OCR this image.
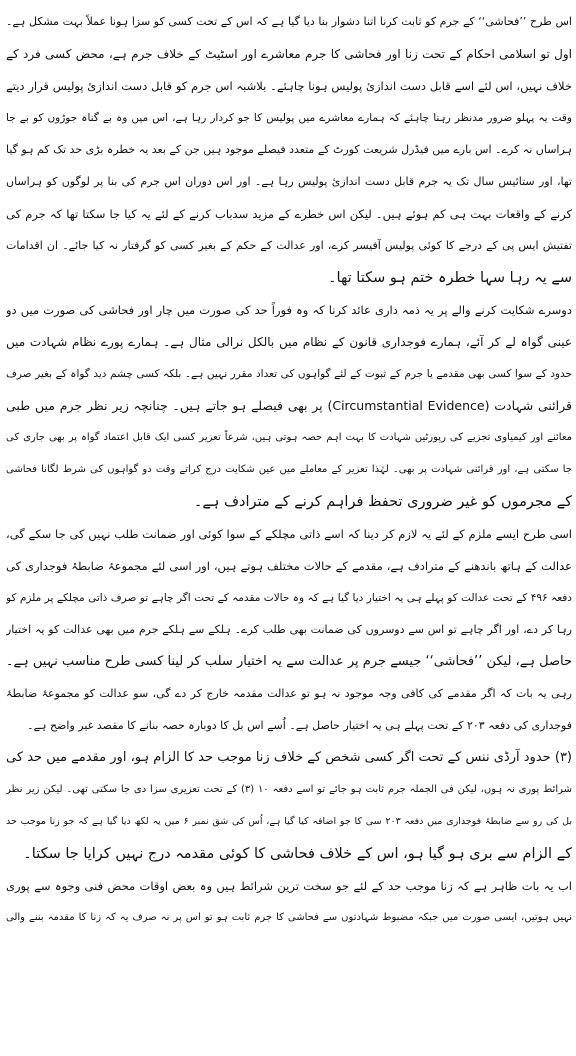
اس طرح ’’فحاشی‘‘ کے جرم کو ثابت کرنا اتنا دشوار بنا دیا گیا ہے کہ اس کے تحت کسی کو سزا ہونا عملاً بہت مشکل ہے۔
اول تو اسلامی احکام کے تحت زنا اور فحاشی کا جرم معاشرے اور اسٹیٹ کے خلاف جرم ہے، محض کسی فرد کے
خلاف نہیں، اس لئے اسے قابل دست اندازیٔ پولیس ہونا چاہئے۔ بلاشبہ اس جرم کو قابل دست اندازیٔ پولیس قرار دیتے
وقت یہ پہلو ضرور مدنظر رہنا چاہئے کہ ہمارے معاشرے میں پولیس کا جو کردار رہا ہے، اس میں وہ بے گناہ جوڑوں کو بے جا
ہراساں نہ کرے۔ اس بارے میں فیڈرل شریعت کورٹ کے متعدد فیصلے موجود ہیں جن کے بعد یہ خطرہ بڑی حد تک کم ہو گیا
تھا، اور ستائیس سال تک یہ جرم قابل دست اندازیٔ پولیس رہا ہے۔ اور اس دوران اس جرم کی بنا پر لوگوں کو ہراساں
کرنے کے واقعات بہت ہی کم ہوئے ہیں۔ لیکن اس خطرے کے مزید سدباب کرنے کے لئے یہ کیا جا سکتا تھا کہ جرم کی
تفتیش ایس پی کے درجے کا کوئی پولیس آفیسر کرے، اور عدالت کے حکم کے بغیر کسی کو گرفتار نہ کیا جائے۔ ان اقدامات
سے یہ رہا سہا خطرہ ختم ہو سکتا تھا۔
دوسرے شکایت کرنے والے پر یہ ذمہ داری عائد کرنا کہ وہ فوراً حد کی صورت میں چار اور فحاشی کی صورت میں دو
عینی گواہ لے کر آئے، ہمارے فوجداری قانون کے نظام میں بالکل نرالی مثال ہے۔ ہمارے پورے نظام شہادت میں
حدود کے سوا کسی بھی مقدمے یا جرم کے ثبوت کے لئے گواہوں کی تعداد مقرر نہیں ہے۔ بلکہ کسی چشم دید گواہ کے بغیر صرف
قرائنی شہادت (Circumstantial Evidence) پر بھی فیصلے ہو جاتے ہیں۔ چنانچہ زیر نظر جرم میں طبی
معائنے اور کیمیاوی تجزیے کی رپورٹیں شہادت کا بہت اہم حصہ ہوتی ہیں، شرعاً تعزیر کسی ایک قابل اعتماد گواہ پر بھی جاری کی
جا سکتی ہے، اور قرائنی شہادت پر بھی۔ لہٰذا تعزیر کے معاملے میں عین شکایت درج کراتے وقت دو گواہوں کی شرط لگانا فحاشی
کے مجرموں کو غیر ضروری تحفظ فراہم کرنے کے مترادف ہے۔
اسی طرح ایسے ملزم کے لئے یہ لازم کر دینا کہ اسے ذاتی مچلکے کے سوا کوئی اور ضمانت طلب نہیں کی جا سکے گی،
عدالت کے ہاتھ باندھنے کے مترادف ہے، مقدمے کے حالات مختلف ہوتے ہیں، اور اسی لئے مجموعۂ ضابطۂ فوجداری کی
دفعہ ۴۹۶ کے تحت عدالت کو پہلے ہی یہ اختیار دیا گیا ہے کہ وہ حالات مقدمہ کے تحت اگر چاہے تو صرف ذاتی مچلکے پر ملزم کو
رہا کر دے، اور اگر چاہے تو اس سے دوسروں کی ضمانت بھی طلب کرے۔ ہلکے سے ہلکے جرم میں بھی عدالت کو یہ اختیار
حاصل ہے، لیکن ’’فحاشی‘‘ جیسے جرم پر عدالت سے یہ اختیار سلب کر لینا کسی طرح مناسب نہیں ہے۔
رہی یہ بات کہ اگر مقدمے کی کافی وجہ موجود نہ ہو تو عدالت مقدمہ خارج کر دے گی، سو عدالت کو مجموعۂ ضابطۂ
فوجداری کی دفعہ ۲۰۳ کے تحت پہلے ہی یہ اختیار حاصل ہے۔ اُسے اس بل کا دوبارہ حصہ بنانے کا مقصد غیر واضح ہے۔
(۳) حدود آرڈی ننس کے تحت اگر کسی شخص کے خلاف زنا موجب حد کا الزام ہو، اور مقدمے میں حد کی
شرائط پوری نہ ہوں، لیکن فی الجملہ جرم ثابت ہو جائے تو اسے دفعہ ۱۰ (۳) کے تحت تعزیری سزا دی جا سکتی تھی۔ لیکن زیر نظر
بل کی رو سے ضابطۂ فوجداری میں دفعہ ۲۰۳ سی کا جو اضافہ کیا گیا ہے، اُس کی شق نمبر ۶ میں یہ لکھ دیا گیا ہے کہ جو زنا موجب حد
کے الزام سے بری ہو گیا ہو، اس کے خلاف فحاشی کا کوئی مقدمہ درج نہیں کرایا جا سکتا۔
اب یہ بات ظاہر ہے کہ زنا موجب حد کے لئے جو سخت ترین شرائط ہیں وہ بعض اوقات محض فنی وجوہ سے پوری
نہیں ہوتیں، ایسی صورت میں جبکہ مضبوط شہادتوں سے فحاشی کا جرم ثابت ہو تو اس پر نہ صرف یہ کہ زنا کا مقدمہ بننے والی
